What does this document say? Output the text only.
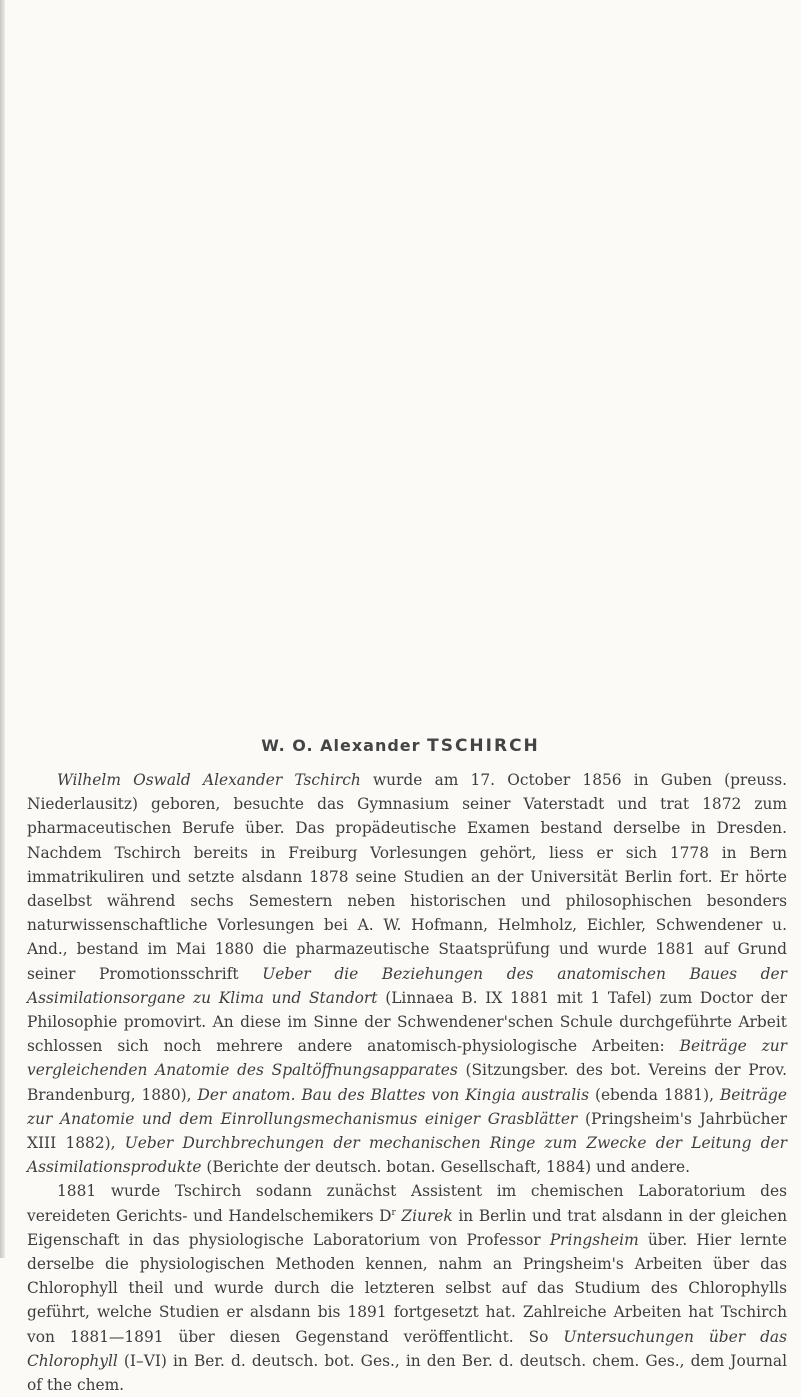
W. O. Alexander TSCHIRCH

Wilhelm Oswald Alexander Tschirch wurde am 17. October 1856 in Guben (preuss. Niederlausitz) geboren, besuchte das Gymnasium seiner Vaterstadt und trat 1872 zum pharmaceutischen Berufe über. Das propädeutische Examen bestand derselbe in Dresden. Nachdem Tschirch bereits in Freiburg Vorlesungen gehört, liess er sich 1778 in Bern immatrikuliren und setzte alsdann 1878 seine Studien an der Universität Berlin fort. Er hörte daselbst während sechs Semestern neben historischen und philosophischen besonders naturwissenschaftliche Vorlesungen bei A. W. Hofmann, Helmholz, Eichler, Schwendener u. And., bestand im Mai 1880 die pharmazeutische Staatsprüfung und wurde 1881 auf Grund seiner Promotionsschrift Ueber die Beziehungen des anatomischen Baues der Assimilationsorgane zu Klima und Standort (Linnaea B. IX 1881 mit 1 Tafel) zum Doctor der Philosophie promovirt. An diese im Sinne der Schwendener'schen Schule durchgeführte Arbeit schlossen sich noch mehrere andere anatomisch-physiologische Arbeiten: Beiträge zur vergleichenden Anatomie des Spaltöffnungsapparates (Sitzungsber. des bot. Vereins der Prov. Brandenburg, 1880), Der anatom. Bau des Blattes von Kingia australis (ebenda 1881), Beiträge zur Anatomie und dem Einrollungsmechanismus einiger Grasblätter (Pringsheim's Jahrbücher XIII 1882), Ueber Durchbrechungen der mechanischen Ringe zum Zwecke der Leitung der Assimilationsprodukte (Berichte der deutsch. botan. Gesellschaft, 1884) und andere.

1881 wurde Tschirch sodann zunächst Assistent im chemischen Laboratorium des vereideten Gerichts- und Handelschemikers $D^r$ Ziurek in Berlin und trat alsdann in der gleichen Eigenschaft in das physiologische Laboratorium von Professor Pringsheim über. Hier lernte derselbe die physiologischen Methoden kennen, nahm an Pringsheim's Arbeiten über das Chlorophyll theil und wurde durch die letzteren selbst auf das Studium des Chlorophylls geführt, welche Studien er alsdann bis 1891 fortgesetzt hat. Zahlreiche Arbeiten hat Tschirch von 1881—1891 über diesen Gegenstand veröffentlicht. So Untersuchungen über das Chlorophyll (I–VI) in Ber. d. deutsch. bot. Ges., in den Ber. d. deutsch. chem. Ges., dem Journal of the chem.
